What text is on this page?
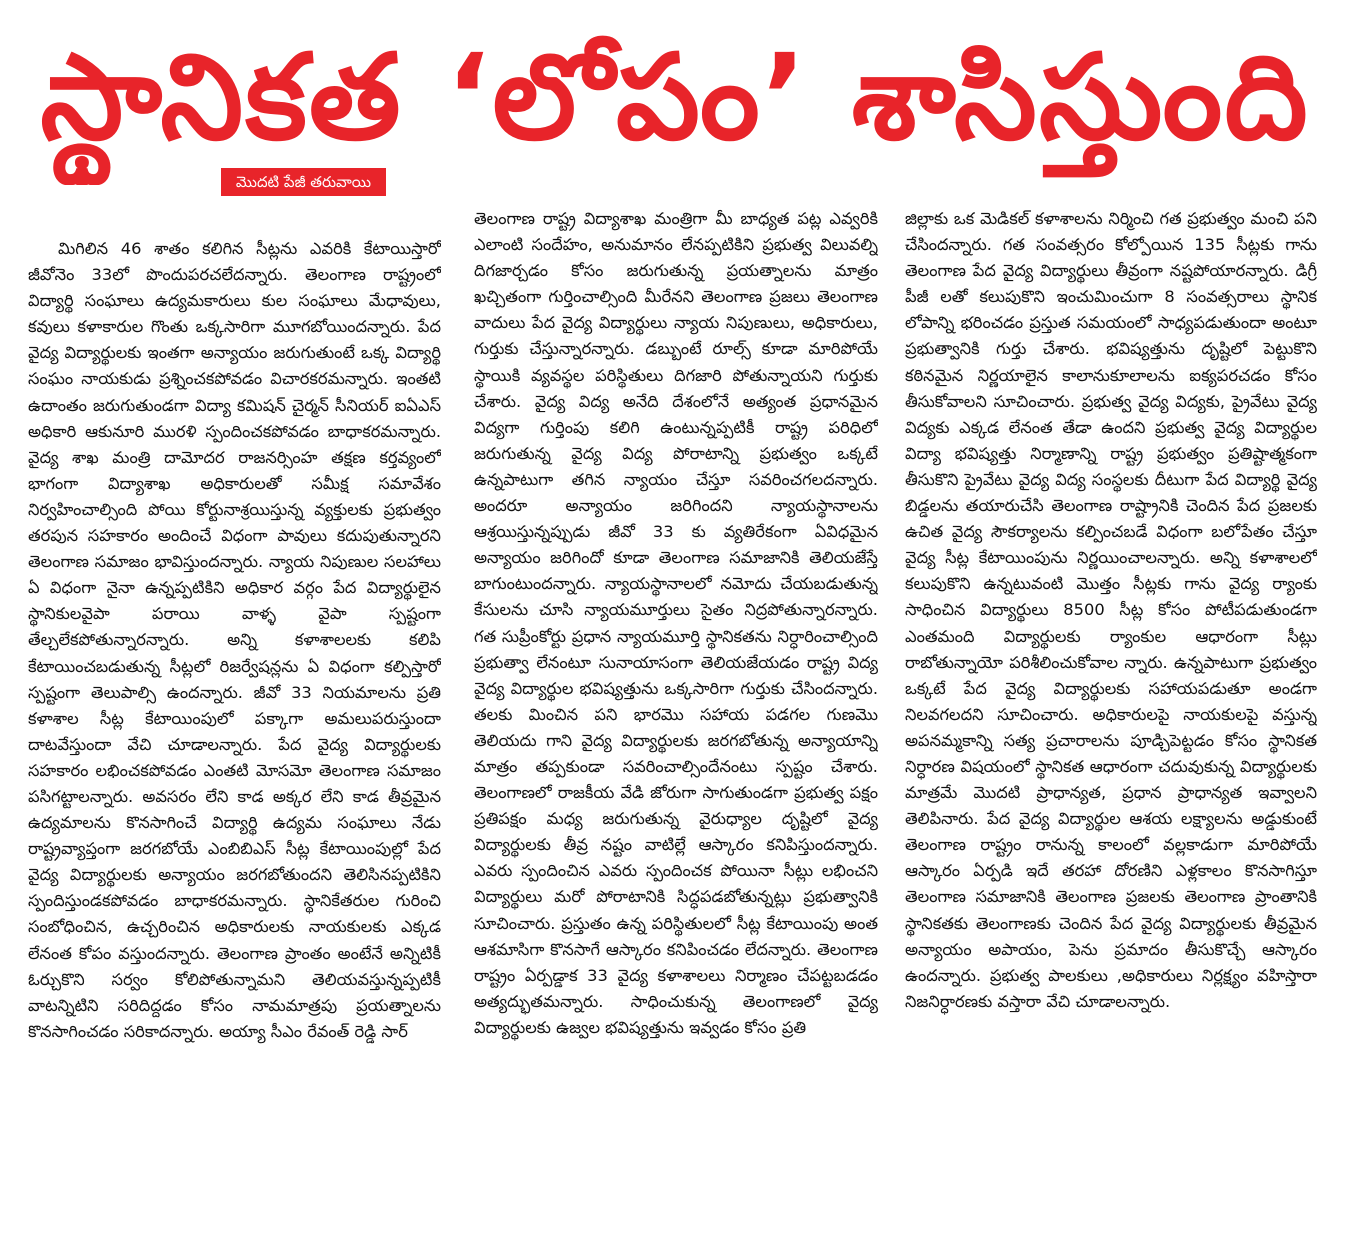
స్థానికత ‘లోపం’ శాసిస్తుంది
మొదటి పేజీ తరువాయి

మిగిలిన 46 శాతం కలిగిన సీట్లను ఎవరికి కేటాయిస్తారో జీవోనెం 33లో పొందుపరచలేదన్నారు. తెలంగాణ రాష్ట్రంలో విద్యార్థి సంఘాలు ఉద్యమకారులు కుల సంఘాలు మేధావులు, కవులు కళాకారుల గొంతు ఒక్కసారిగా మూగబోయిందన్నారు. పేద వైద్య విద్యార్థులకు ఇంతగా అన్యాయం జరుగుతుంటే ఒక్క విద్యార్థి సంఘం నాయకుడు ప్రశ్నించకపోవడం విచారకరమన్నారు. ఇంతటి ఉదాంతం జరుగుతుండగా విద్యా కమిషన్ చైర్మన్ సీనియర్ ఐఏఎస్ అధికారి ఆకునూరి మురళి స్పందించకపోవడం బాధాకరమన్నారు. వైద్య శాఖ మంత్రి దామోదర రాజనర్సింహ తక్షణ కర్తవ్యంలో భాగంగా విద్యాశాఖ అధికారులతో సమీక్ష సమావేశం నిర్వహించాల్సింది పోయి కోర్టునాశ్రయిస్తున్న వ్యక్తులకు ప్రభుత్వం తరపున సహకారం అందించే విధంగా పావులు కదుపుతున్నారని తెలంగాణ సమాజం భావిస్తుందన్నారు. న్యాయ నిపుణుల సలహాలు ఏ విధంగా నైనా ఉన్నప్పటికిని అధికార వర్గం పేద విద్యార్థులైన స్థానికులవైపా పరాయి వాళ్ళ వైపా స్పష్టంగా తేల్చలేకపోతున్నారన్నారు. అన్ని కళాశాలలకు కలిపి కేటాయించబడుతున్న సీట్లలో రిజర్వేషన్లను ఏ విధంగా కల్పిస్తారో స్పష్టంగా తెలుపాల్సి ఉందన్నారు. జీవో 33 నియమాలను ప్రతి కళాశాల సీట్ల కేటాయింపులో పక్కాగా అమలుపరుస్తుందా దాటవేస్తుందా వేచి చూడాలన్నారు. పేద వైద్య విద్యార్థులకు సహకారం లభించకపోవడం ఎంతటి మోసమో తెలంగాణ సమాజం పసిగట్టాలన్నారు. అవసరం లేని కాడ అక్కర లేని కాడ తీవ్రమైన ఉద్యమాలను కొనసాగించే విద్యార్థి ఉద్యమ సంఘాలు నేడు రాష్ట్రవ్యాప్తంగా జరగబోయే ఎంబిబిఎస్ సీట్ల కేటాయింపుల్లో పేద వైద్య విద్యార్థులకు అన్యాయం జరగబోతుందని తెలిసినప్పటికిని స్పందిస్తుండకపోవడం బాధాకరమన్నారు. స్థానికేతరుల గురించి సంబోధించిన, ఉచ్చరించిన అధికారులకు నాయకులకు ఎక్కడ లేనంత కోపం వస్తుందన్నారు. తెలంగాణ ప్రాంతం అంటేనే అన్నిటికీ ఓర్చుకొని సర్వం కోలిపోతున్నామని తెలియవస్తున్నప్పటికీ వాటన్నిటిని సరిదిద్దడం కోసం నామమాత్రపు ప్రయత్నాలను కొనసాగించడం సరికాదన్నారు. అయ్యా సీఎం రేవంత్ రెడ్డి సార్

తెలంగాణ రాష్ట్ర విద్యాశాఖ మంత్రిగా మీ బాధ్యత పట్ల ఎవ్వరికి ఎలాంటి సందేహం, అనుమానం లేనప్పటికిని ప్రభుత్వ విలువల్ని దిగజార్చడం కోసం జరుగుతున్న ప్రయత్నాలను మాత్రం ఖచ్చితంగా గుర్తించాల్సింది మీరేనని తెలంగాణ ప్రజలు తెలంగాణ వాదులు పేద వైద్య విద్యార్థులు న్యాయ నిపుణులు, అధికారులు, గుర్తుకు చేస్తున్నారన్నారు. డబ్బుంటే రూల్స్ కూడా మారిపోయే స్థాయికి వ్యవస్థల పరిస్థితులు దిగజారి పోతున్నాయని గుర్తుకు చేశారు. వైద్య విద్య అనేది దేశంలోనే అత్యంత ప్రధానమైన విద్యగా గుర్తింపు కలిగి ఉంటున్నప్పటికీ రాష్ట్ర పరిధిలో జరుగుతున్న వైద్య విద్య పోరాటాన్ని ప్రభుత్వం ఒక్కటే ఉన్నపాటుగా తగిన న్యాయం చేస్తూ సవరించగలదన్నారు. అందరూ అన్యాయం జరిగిందని న్యాయస్థానాలను ఆశ్రయిస్తున్నప్పుడు జీవో 33 కు వ్యతిరేకంగా ఏవిధమైన అన్యాయం జరిగిందో కూడా తెలంగాణ సమాజానికి తెలియజేస్తే బాగుంటుందన్నారు. న్యాయస్థానాలలో నమోదు చేయబడుతున్న కేసులను చూసి న్యాయమూర్తులు సైతం నిద్రపోతున్నారన్నారు. గత సుప్రీంకోర్టు ప్రధాన న్యాయమూర్తి స్థానికతను నిర్ధారించాల్సింది ప్రభుత్వా లేనంటూ సునాయాసంగా తెలియజేయడం రాష్ట్ర విద్య వైద్య విద్యార్థుల భవిష్యత్తును ఒక్కసారిగా గుర్తుకు చేసిందన్నారు. తలకు మించిన పని భారమొ సహాయ పడగల గుణమొ తెలియదు గాని వైద్య విద్యార్థులకు జరగబోతున్న అన్యాయాన్ని మాత్రం తప్పకుండా సవరించాల్సిందేనంటు స్పష్టం చేశారు. తెలంగాణలో రాజకీయ వేడి జోరుగా సాగుతుండగా ప్రభుత్వ పక్షం ప్రతిపక్షం మధ్య జరుగుతున్న వైరుధ్యాల దృష్టిలో వైద్య విద్యార్థులకు తీవ్ర నష్టం వాటిల్లే ఆస్కారం కనిపిస్తుందన్నారు. ఎవరు స్పందించిన ఎవరు స్పందించక పోయినా సీట్లు లభించని విద్యార్థులు మరో పోరాటానికి సిద్ధపడబోతున్నట్లు ప్రభుత్వానికి సూచించారు. ప్రస్తుతం ఉన్న పరిస్థితులలో సీట్ల కేటాయింపు అంత ఆశమాసిగా కొనసాగే ఆస్కారం కనిపించడం లేదన్నారు. తెలంగాణ రాష్ట్రం ఏర్పడ్డాక 33 వైద్య కళాశాలలు నిర్మాణం చేపట్టబడడం అత్యద్భుతమన్నారు. సాధించుకున్న తెలంగాణలో వైద్య విద్యార్థులకు ఉజ్వల భవిష్యత్తును ఇవ్వడం కోసం ప్రతి

జిల్లాకు ఒక మెడికల్ కళాశాలను నిర్మించి గత ప్రభుత్వం మంచి పని చేసిందన్నారు. గత సంవత్సరం కోల్పోయిన 135 సీట్లకు గాను తెలంగాణ పేద వైద్య విద్యార్థులు తీవ్రంగా నష్టపోయారన్నారు. డిగ్రీ పీజీ లతో కలుపుకొని ఇంచుమించుగా 8 సంవత్సరాలు స్థానిక లోపాన్ని భరించడం ప్రస్తుత సమయంలో సాధ్యపడుతుందా అంటూ ప్రభుత్వానికి గుర్తు చేశారు. భవిష్యత్తును దృష్టిలో పెట్టుకొని కఠినమైన నిర్ణయాలైన కాలానుకూలాలను ఐక్యపరచడం కోసం తీసుకోవాలని సూచించారు. ప్రభుత్వ వైద్య విద్యకు, ప్రైవేటు వైద్య విద్యకు ఎక్కడ లేనంత తేడా ఉందని ప్రభుత్వ వైద్య విద్యార్థుల విద్యా భవిష్యత్తు నిర్మాణాన్ని రాష్ట్ర ప్రభుత్వం ప్రతిష్టాత్మకంగా తీసుకొని ప్రైవేటు వైద్య విద్య సంస్థలకు దీటుగా పేద విద్యార్థి వైద్య బిడ్డలను తయారుచేసి తెలంగాణ రాష్ట్రానికి చెందిన పేద ప్రజలకు ఉచిత వైద్య సౌకర్యాలను కల్పించబడే విధంగా బలోపేతం చేస్తూ వైద్య సీట్ల కేటాయింపును నిర్ణయించాలన్నారు. అన్ని కళాశాలలో కలుపుకొని ఉన్నటువంటి మొత్తం సీట్లకు గాను వైద్య ర్యాంకు సాధించిన విద్యార్థులు 8500 సీట్ల కోసం పోటీపడుతుండగా ఎంతమంది విద్యార్థులకు ర్యాంకుల ఆధారంగా సీట్లు రాబోతున్నాయో పరిశీలించుకోవాల న్నారు. ఉన్నపాటుగా ప్రభుత్వం ఒక్కటే పేద వైద్య విద్యార్థులకు సహాయపడుతూ అండగా నిలవగలదని సూచించారు. అధికారులపై నాయకులపై వస్తున్న అపనమ్మకాన్ని సత్య ప్రచారాలను పూడ్చిపెట్టడం కోసం స్థానికత నిర్ధారణ విషయంలో స్థానికత ఆధారంగా చదువుకున్న విద్యార్థులకు మాత్రమే మొదటి ప్రాధాన్యత, ప్రధాన ప్రాధాన్యత ఇవ్వాలని తెలిపినారు. పేద వైద్య విద్యార్థుల ఆశయ లక్ష్యాలను అడ్డుకుంటే తెలంగాణ రాష్ట్రం రానున్న కాలంలో వల్లకాడుగా మారిపోయే ఆస్కారం ఏర్పడి ఇదే తరహా దోరణిని ఎళ్లకాలం కొనసాగిస్తూ తెలంగాణ సమాజానికి తెలంగాణ ప్రజలకు తెలంగాణ ప్రాంతానికి స్థానికతకు తెలంగాణకు చెందిన పేద వైద్య విద్యార్థులకు తీవ్రమైన అన్యాయం అపాయం, పెను ప్రమాదం తీసుకొచ్చే ఆస్కారం ఉందన్నారు. ప్రభుత్వ పాలకులు ,అధికారులు నిర్లక్ష్యం వహిస్తారా నిజనిర్ధారణకు వస్తారా వేచి చూడాలన్నారు.
